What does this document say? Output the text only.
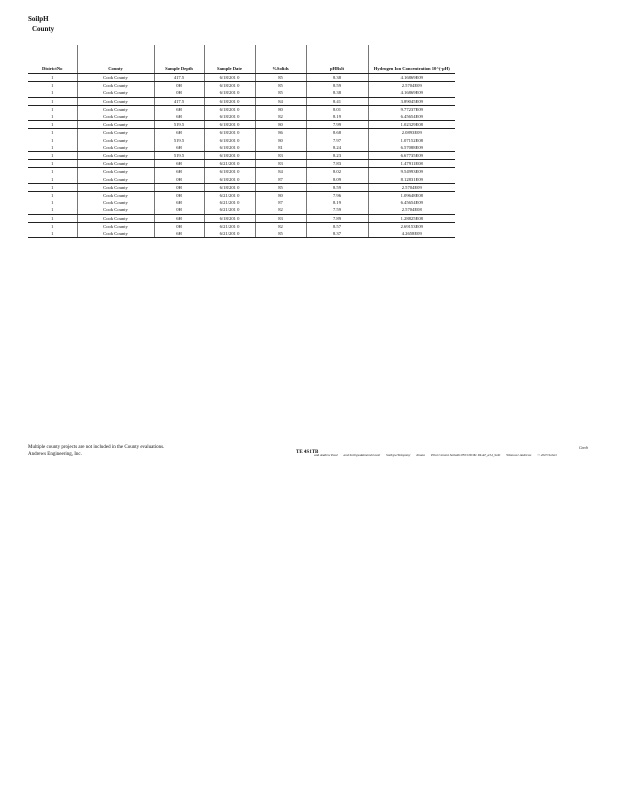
SoilpH
County
DistrictNo	County	Sample Depth	Sample Date	%Solids	pHRslt	Hydrogen Ion Concentration 10^(-pH)
1	Cook County	417.5	6/18/201 0	85	8.38	4.16869E09
1	Cook County	0H	6/18/201 0	85	8.59	2.5704E09
1	Cook County	0H	6/18/201 0	85	8.38	4.16869E09
1	Cook County	417.5	6/18/201 0	84	8.41	3.89045E09
1	Cook County	6H	6/18/201 0	80	8.01	9.77237E09
1	Cook County	6H	6/18/201 0	82	8.19	6.45654E09
1	Cook County	519.5	6/18/201 0	80	7.99	1.02329E08
1	Cook County	6H	6/18/201 0	86	8.68	2.0893E09
1	Cook County	519.5	6/18/201 0	80	7.97	1.07152E08
1	Cook County	6H	6/18/201 0	81	8.24	6.57088E09
1	Cook County	519.5	6/18/201 0	83	8.23	6.67735E09
1	Cook County	6H	6/21/201 0	83	7.83	1.47911E08
1	Cook County	6H	6/18/201 0	84	8.02	9.54993E09
1	Cook County	0H	6/18/201 0	87	8.09	8.12831E09
1	Cook County	0H	6/18/201 0	85	8.59	2.5704E09
1	Cook County	0H	6/21/201 0	80	7.96	1.09648E08
1	Cook County	6H	6/21/201 0	87	8.19	6.45654E09
1	Cook County	0H	6/21/201 0	82	7.59	2.5704E08
1	Cook County	6H	6/18/201 0	83	7.89	1.28825E08
1	Cook County	0H	6/21/201 0	82	8.57	2.69153E09
1	Cook County	6H	6/21/201 0	85	8.37	4.2658E09
Multiple county projects are not included in the County evaluations.
Andrews Engineering, Inc.	TE 4S1TB
and Andrew Paul and Soilrgwdatmend Local Soilrgw/Tempomy Imano Pilot Cement Soilxdtr/INCOSOK/ DLAT_a34_SoD Winnow1 Andrews © 2023 Solver
Corch
